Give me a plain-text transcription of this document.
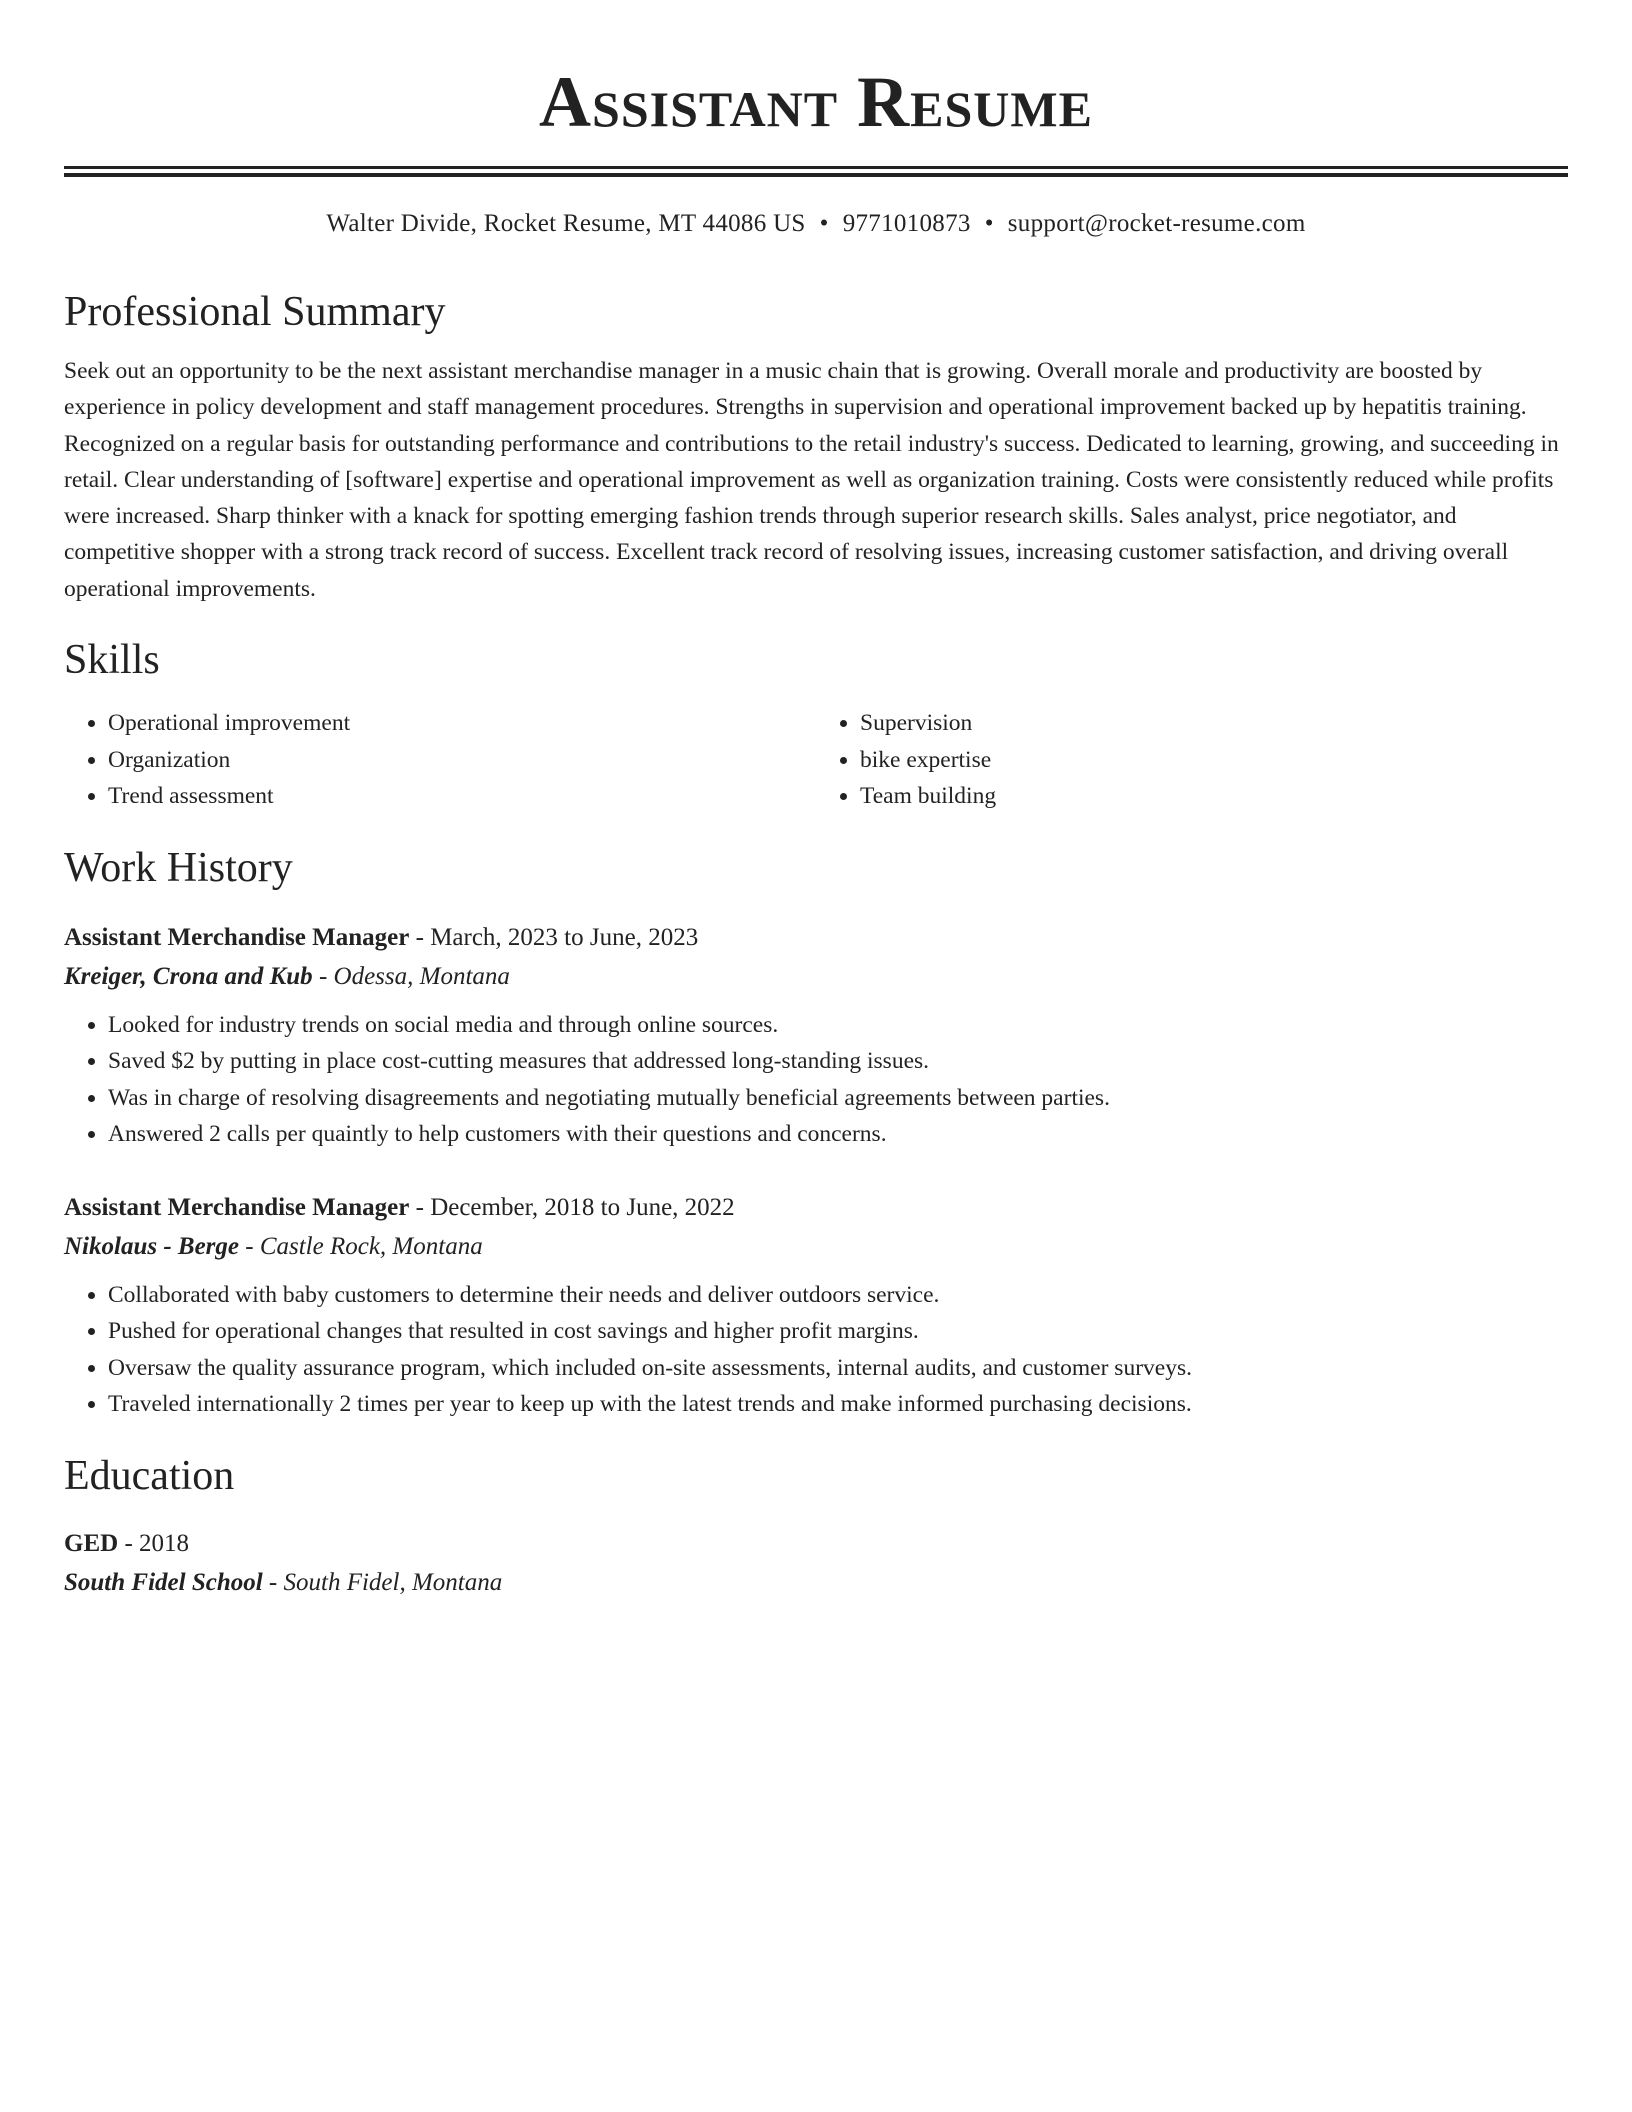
Assistant Resume
Walter Divide, Rocket Resume, MT 44086 US • 9771010873 • support@rocket-resume.com
Professional Summary

Seek out an opportunity to be the next assistant merchandise manager in a music chain that is growing. Overall morale and productivity are boosted by experience in policy development and staff management procedures. Strengths in supervision and operational improvement backed up by hepatitis training. Recognized on a regular basis for outstanding performance and contributions to the retail industry's success. Dedicated to learning, growing, and succeeding in retail. Clear understanding of [software] expertise and operational improvement as well as organization training. Costs were consistently reduced while profits were increased. Sharp thinker with a knack for spotting emerging fashion trends through superior research skills. Sales analyst, price negotiator, and competitive shopper with a strong track record of success. Excellent track record of resolving issues, increasing customer satisfaction, and driving overall operational improvements.

Skills
• Operational improvement
• Organization
• Trend assessment
• Supervision
• bike expertise
• Team building
Work History
Assistant Merchandise Manager - March, 2023 to June, 2023
Kreiger, Crona and Kub - Odessa, Montana
• Looked for industry trends on social media and through online sources.
• Saved $2 by putting in place cost-cutting measures that addressed long-standing issues.
• Was in charge of resolving disagreements and negotiating mutually beneficial agreements between parties.
• Answered 2 calls per quaintly to help customers with their questions and concerns.
Assistant Merchandise Manager - December, 2018 to June, 2022
Nikolaus - Berge - Castle Rock, Montana
• Collaborated with baby customers to determine their needs and deliver outdoors service.
• Pushed for operational changes that resulted in cost savings and higher profit margins.
• Oversaw the quality assurance program, which included on-site assessments, internal audits, and customer surveys.
• Traveled internationally 2 times per year to keep up with the latest trends and make informed purchasing decisions.
Education
GED - 2018
South Fidel School - South Fidel, Montana
